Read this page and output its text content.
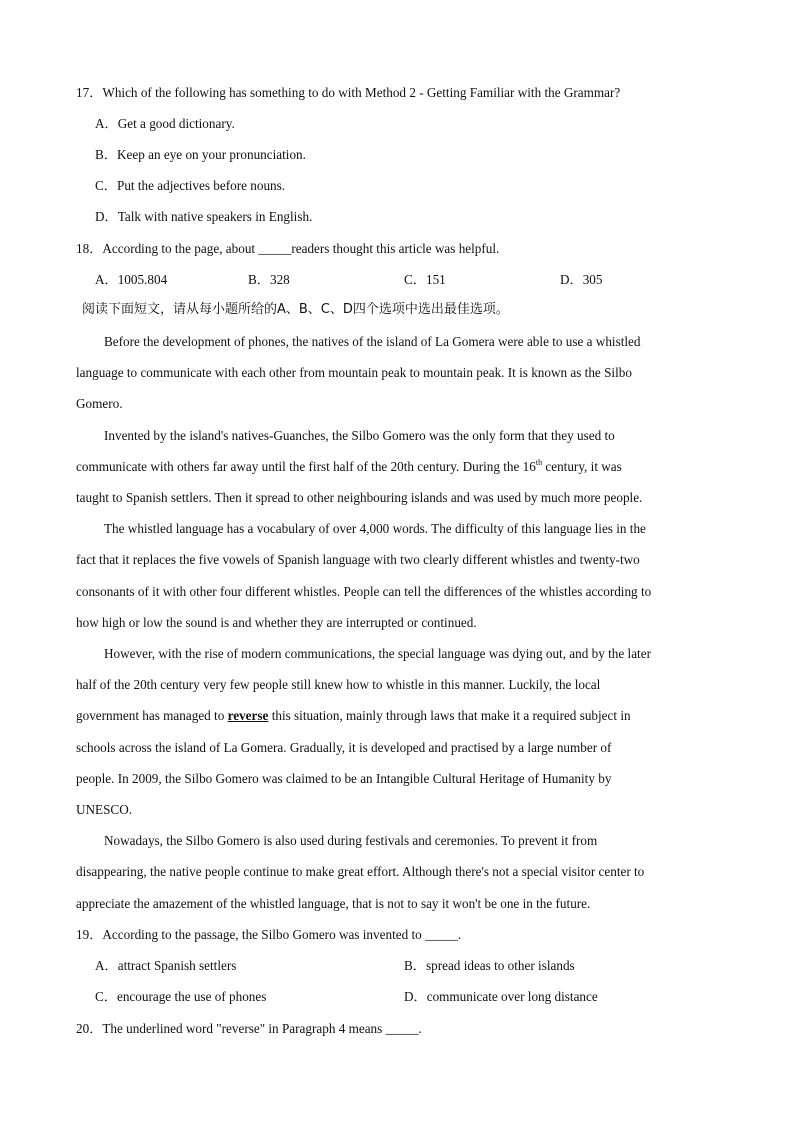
17．Which of the following has something to do with Method 2 - Getting Familiar with the Grammar?
A．Get a good dictionary.
B．Keep an eye on your pronunciation.
C．Put the adjectives before nouns.
D．Talk with native speakers in English.
18．According to the page, about _____readers thought this article was helpful.
A．1005.804	B．328	C．151	D．305
阅读下面短文，请从每小题所给的A、B、C、D四个选项中选出最佳选项。
Before the development of phones, the natives of the island of La Gomera were able to use a whistled
language to communicate with each other from mountain peak to mountain peak. It is known as the Silbo
Gomero.
Invented by the island's natives-Guanches, the Silbo Gomero was the only form that they used to
communicate with others far away until the first half of the 20th century. During the 16th century, it was
taught to Spanish settlers. Then it spread to other neighbouring islands and was used by much more people.
The whistled language has a vocabulary of over 4,000 words. The difficulty of this language lies in the
fact that it replaces the five vowels of Spanish language with two clearly different whistles and twenty-two
consonants of it with other four different whistles. People can tell the differences of the whistles according to
how high or low the sound is and whether they are interrupted or continued.
However, with the rise of modern communications, the special language was dying out, and by the later
half of the 20th century very few people still knew how to whistle in this manner. Luckily, the local
government has managed to reverse this situation, mainly through laws that make it a required subject in
schools across the island of La Gomera. Gradually, it is developed and practised by a large number of
people. In 2009, the Silbo Gomero was claimed to be an Intangible Cultural Heritage of Humanity by
UNESCO.
Nowadays, the Silbo Gomero is also used during festivals and ceremonies. To prevent it from
disappearing, the native people continue to make great effort. Although there's not a special visitor center to
appreciate the amazement of the whistled language, that is not to say it won't be one in the future.
19．According to the passage, the Silbo Gomero was invented to _____.
A．attract Spanish settlers	B．spread ideas to other islands
C．encourage the use of phones	D．communicate over long distance
20．The underlined word "reverse" in Paragraph 4 means _____.
